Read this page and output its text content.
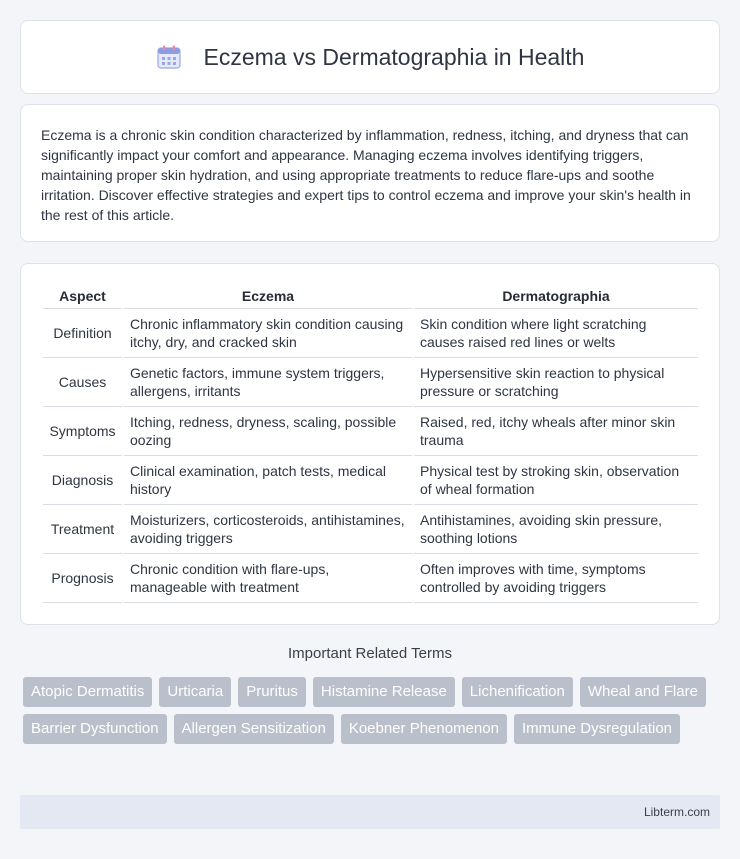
Eczema vs Dermatographia in Health

Eczema is a chronic skin condition characterized by inflammation, redness, itching, and dryness that can significantly impact your comfort and appearance. Managing eczema involves identifying triggers, maintaining proper skin hydration, and using appropriate treatments to reduce flare-ups and soothe irritation. Discover effective strategies and expert tips to control eczema and improve your skin's health in the rest of this article.

Aspect	Eczema	Dermatographia
Definition	Chronic inflammatory skin condition causing itchy, dry, and cracked skin	Skin condition where light scratching causes raised red lines or welts
Causes	Genetic factors, immune system triggers, allergens, irritants	Hypersensitive skin reaction to physical pressure or scratching
Symptoms	Itching, redness, dryness, scaling, possible oozing	Raised, red, itchy wheals after minor skin trauma
Diagnosis	Clinical examination, patch tests, medical history	Physical test by stroking skin, observation of wheal formation
Treatment	Moisturizers, corticosteroids, antihistamines, avoiding triggers	Antihistamines, avoiding skin pressure, soothing lotions
Prognosis	Chronic condition with flare-ups, manageable with treatment	Often improves with time, symptoms controlled by avoiding triggers
Important Related Terms
Atopic Dermatitis	Urticaria	Pruritus	Histamine Release	Lichenification	Wheal and Flare
Barrier Dysfunction	Allergen Sensitization	Koebner Phenomenon	Immune Dysregulation
Libterm.com
